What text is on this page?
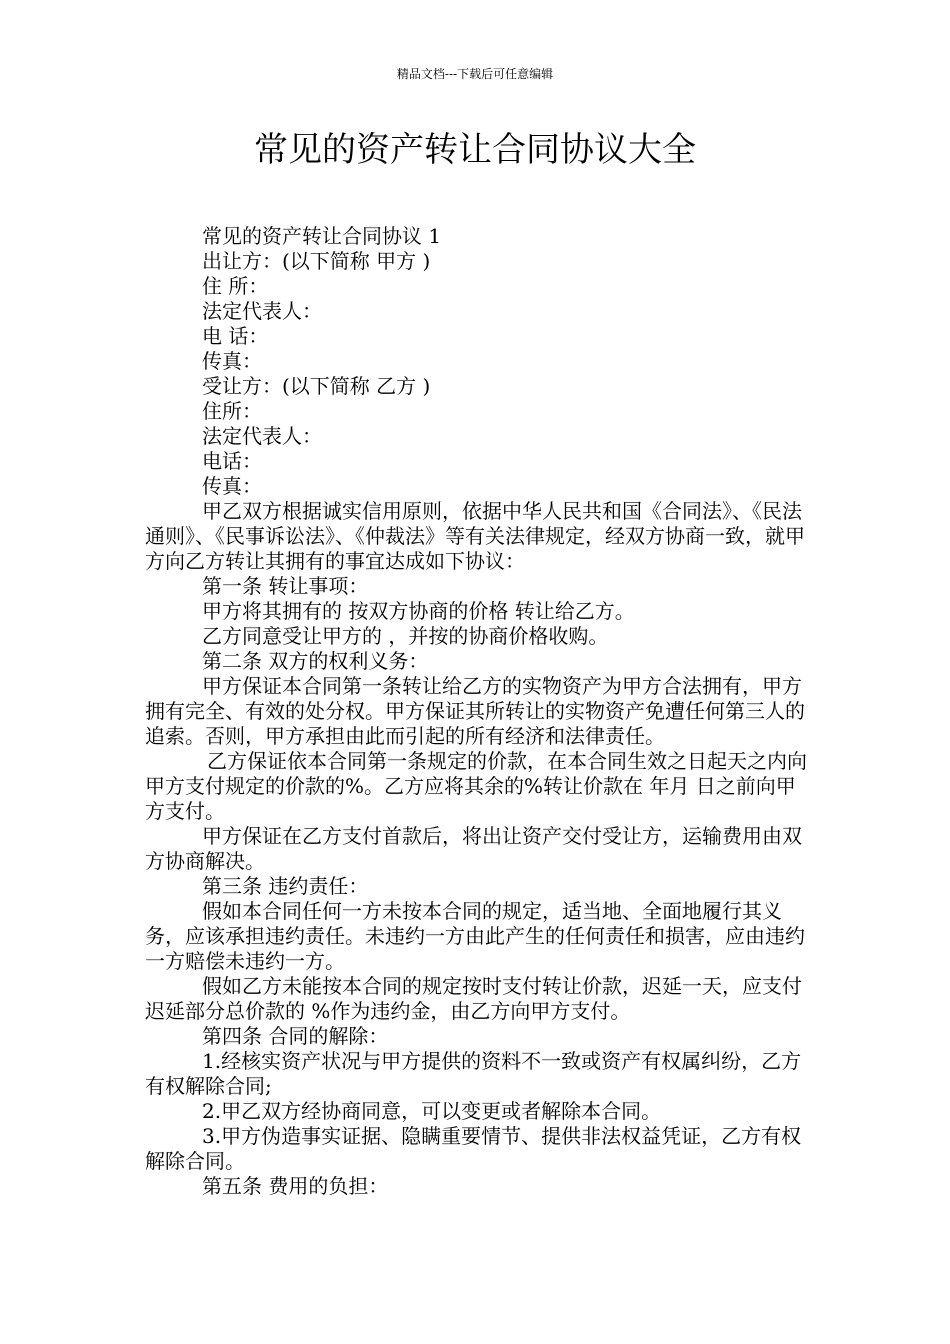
精品文档---下载后可任意编辑
常见的资产转让合同协议大全

常见的资产转让合同协议 1

出让方：(以下简称 甲方 )

住 所：

法定代表人：

电 话：

传真：

受让方：(以下简称 乙方 )

住所：

法定代表人：

电话：

传真：

甲乙双方根据诚实信用原则，依据中华人民共和国《合同法》、《民法通则》、《民事诉讼法》、《仲裁法》等有关法律规定，经双方协商一致，就甲方向乙方转让其拥有的事宜达成如下协议：

第一条 转让事项：

甲方将其拥有的 按双方协商的价格 转让给乙方。

乙方同意受让甲方的 ，并按的协商价格收购。

第二条 双方的权利义务：

甲方保证本合同第一条转让给乙方的实物资产为甲方合法拥有，甲方拥有完全、有效的处分权。甲方保证其所转让的实物资产免遭任何第三人的追索。否则，甲方承担由此而引起的所有经济和法律责任。

乙方保证依本合同第一条规定的价款，在本合同生效之日起天之内向甲方支付规定的价款的%。乙方应将其余的%转让价款在 年月 日之前向甲方支付。

甲方保证在乙方支付首款后，将出让资产交付受让方，运输费用由双方协商解决。

第三条 违约责任：

假如本合同任何一方未按本合同的规定，适当地、全面地履行其义务，应该承担违约责任。未违约一方由此产生的任何责任和损害，应由违约一方赔偿未违约一方。

假如乙方未能按本合同的规定按时支付转让价款，迟延一天，应支付迟延部分总价款的 %作为违约金，由乙方向甲方支付。

第四条 合同的解除：

1.经核实资产状况与甲方提供的资料不一致或资产有权属纠纷，乙方有权解除合同;

2.甲乙双方经协商同意，可以变更或者解除本合同。

3.甲方伪造事实证据、隐瞒重要情节、提供非法权益凭证，乙方有权解除合同。

第五条 费用的负担：
